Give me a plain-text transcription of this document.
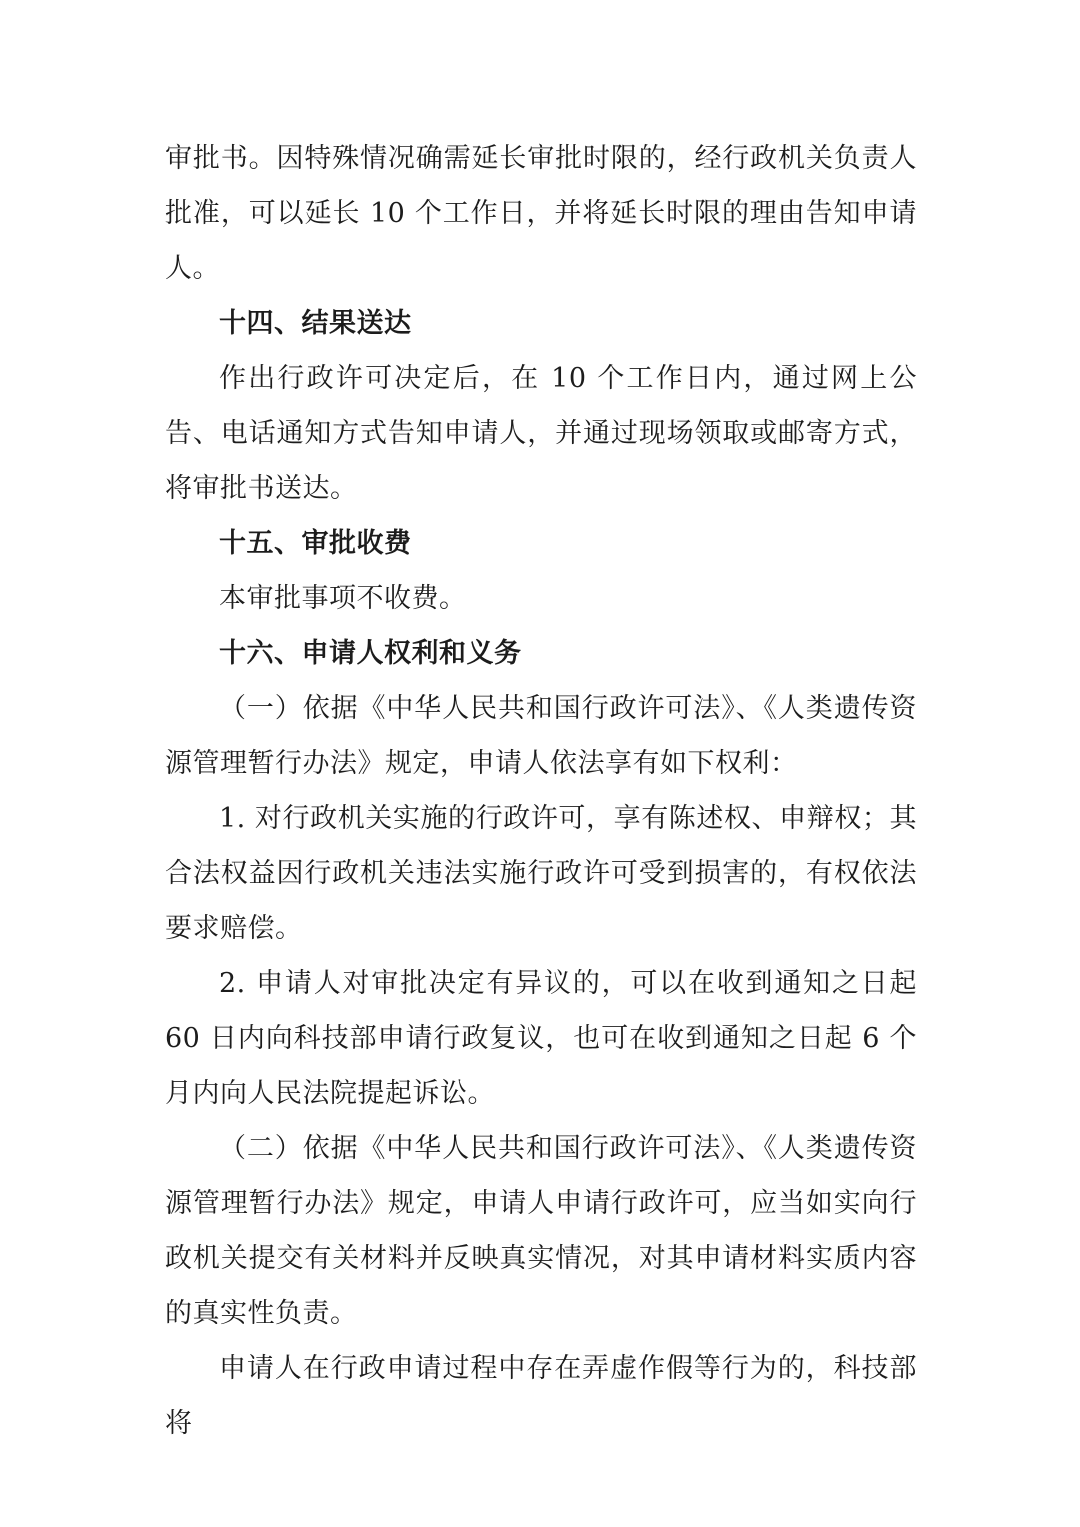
审批书。因特殊情况确需延长审批时限的，经行政机关负责人批准，可以延长 10 个工作日，并将延长时限的理由告知申请人。

十四、结果送达

作出行政许可决定后，在 10 个工作日内，通过网上公告、电话通知方式告知申请人，并通过现场领取或邮寄方式，将审批书送达。

十五、审批收费

本审批事项不收费。

十六、申请人权利和义务

（一）依据《中华人民共和国行政许可法》、《人类遗传资源管理暂行办法》规定，申请人依法享有如下权利：

1. 对行政机关实施的行政许可，享有陈述权、申辩权；其合法权益因行政机关违法实施行政许可受到损害的，有权依法要求赔偿。

2. 申请人对审批决定有异议的，可以在收到通知之日起 60 日内向科技部申请行政复议，也可在收到通知之日起 6 个月内向人民法院提起诉讼。

（二）依据《中华人民共和国行政许可法》、《人类遗传资源管理暂行办法》规定，申请人申请行政许可，应当如实向行政机关提交有关材料并反映真实情况，对其申请材料实质内容的真实性负责。

申请人在行政申请过程中存在弄虚作假等行为的，科技部将
